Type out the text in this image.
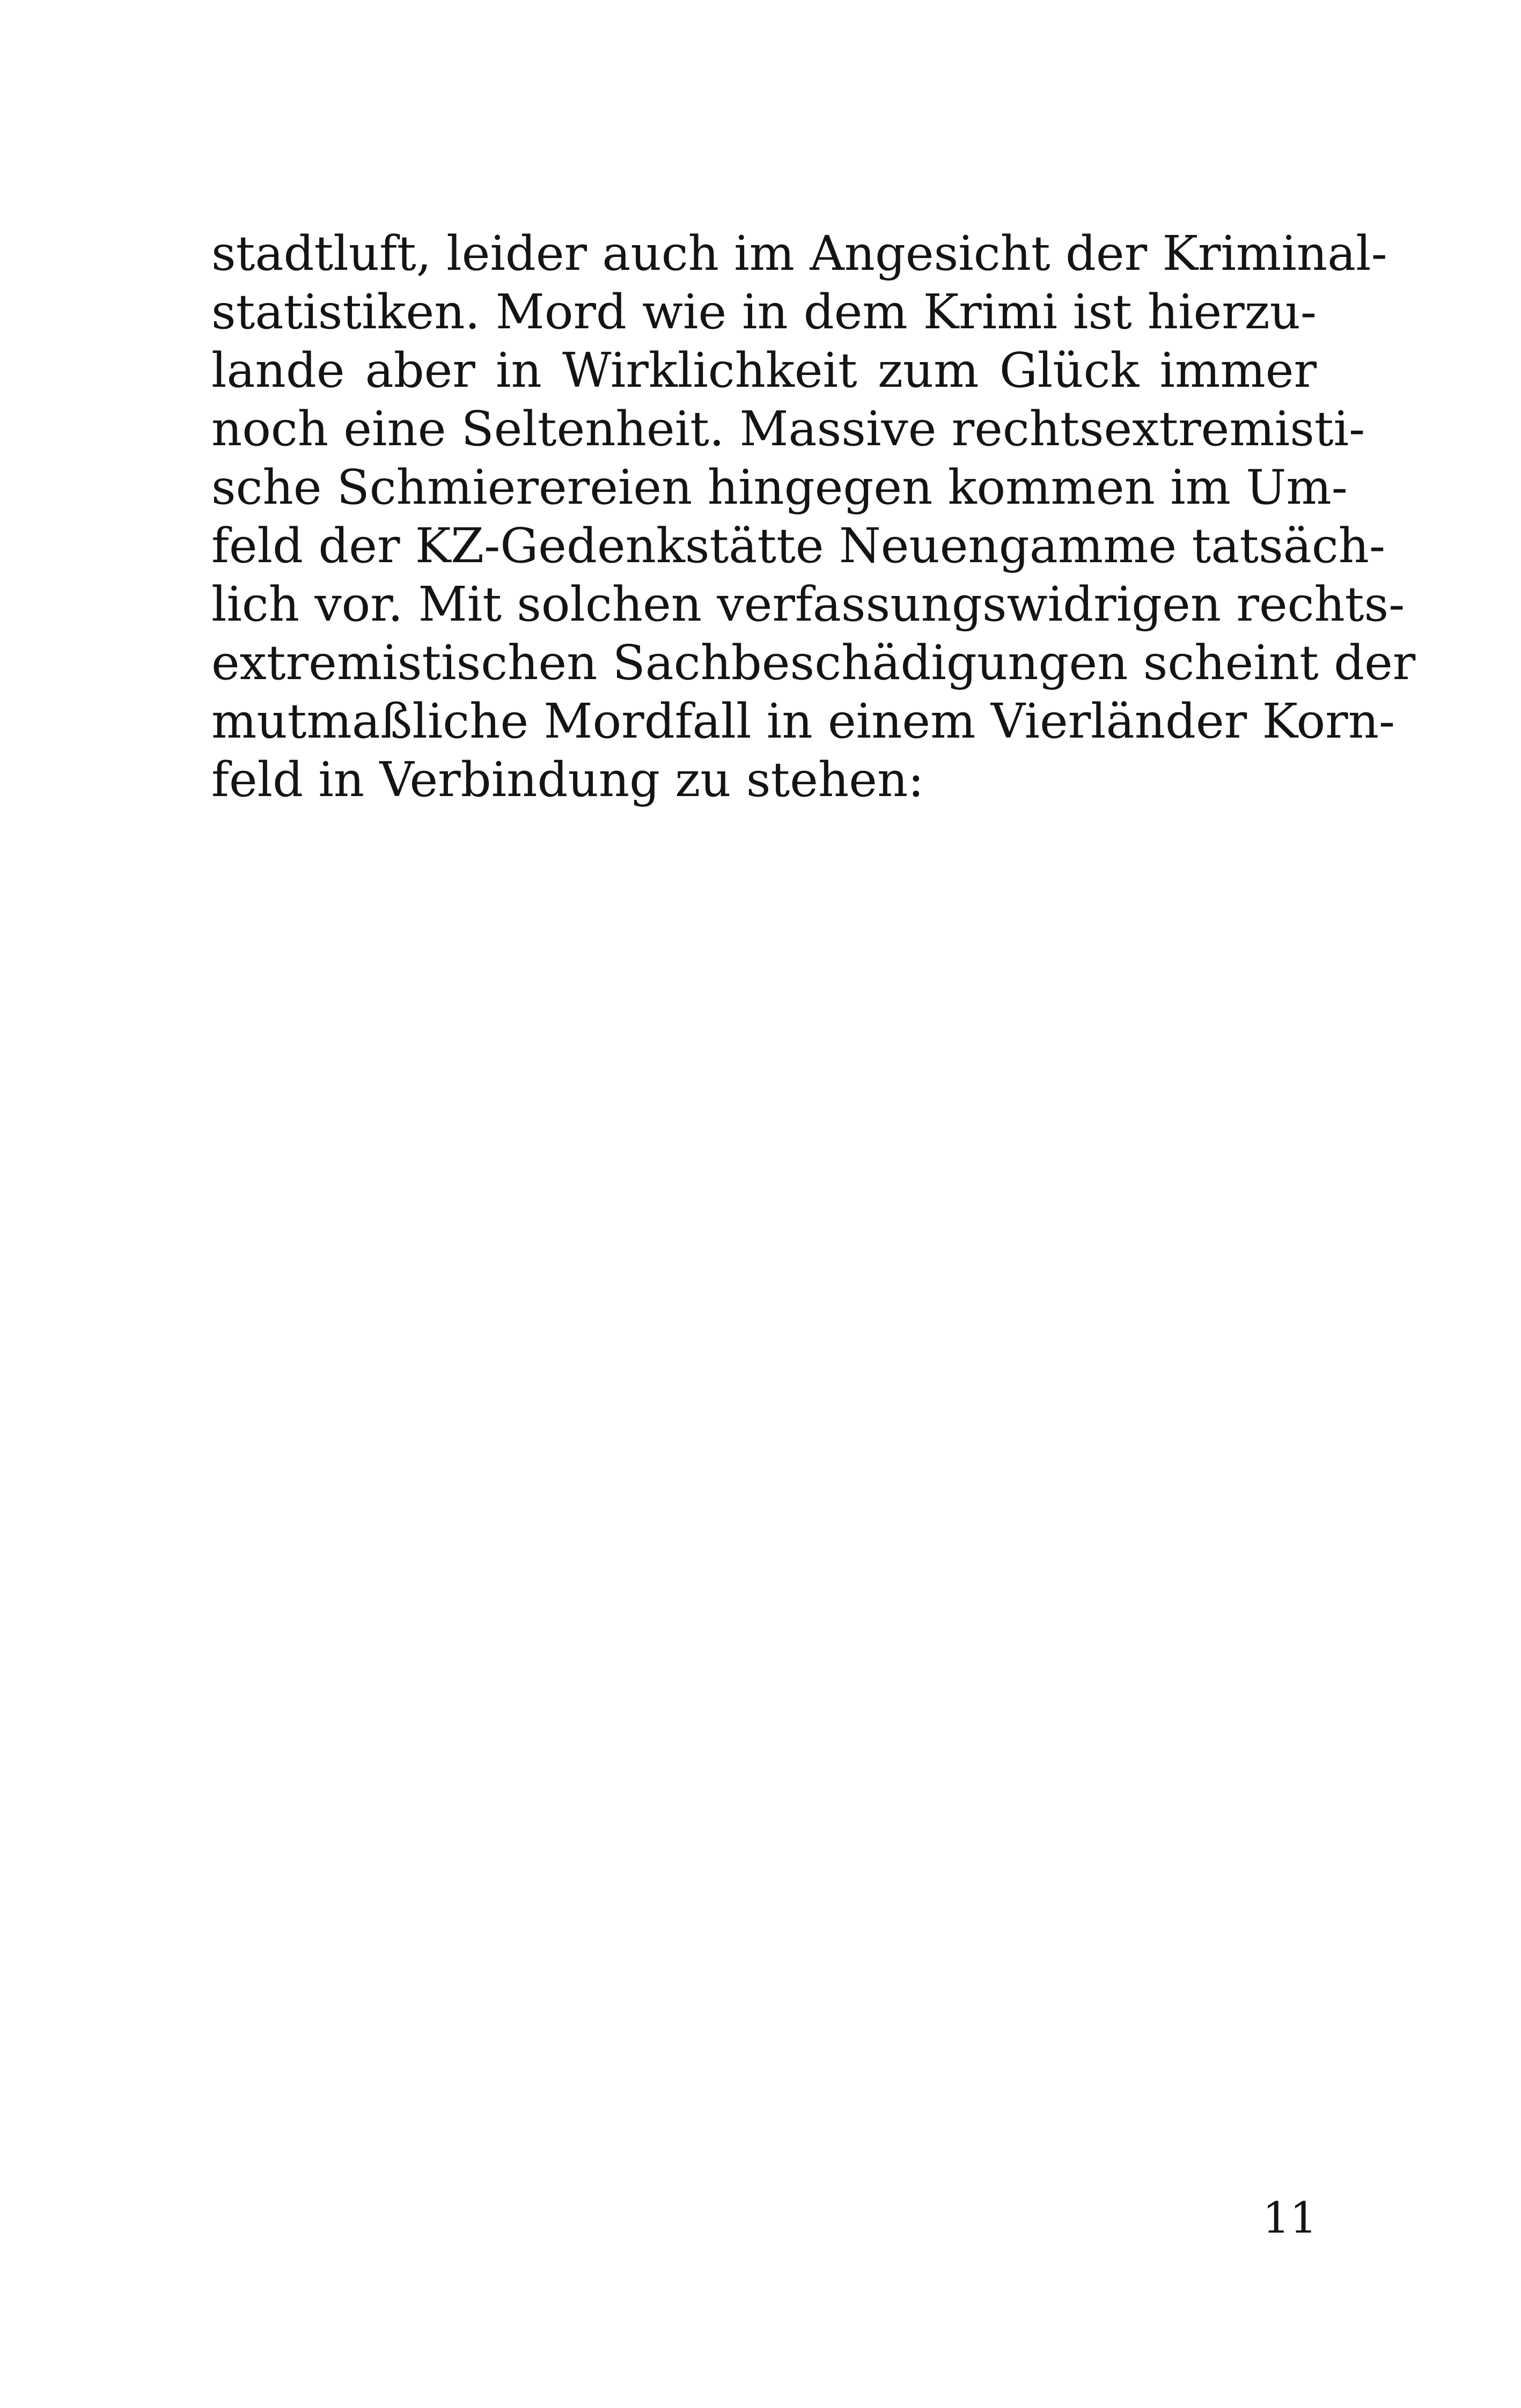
stadtluft, leider auch im Angesicht der Kriminal-
statistiken. Mord wie in dem Krimi ist hierzu-
lande aber in Wirklichkeit zum Glück immer
noch eine Seltenheit. Massive rechtsextremisti-
sche Schmierereien hingegen kommen im Um-
feld der KZ-Gedenkstätte Neuengamme tatsäch-
lich vor. Mit solchen verfassungswidrigen rechts-
extremistischen Sachbeschädigungen scheint der
mutmaßliche Mordfall in einem Vierländer Korn-
feld in Verbindung zu stehen:
11
